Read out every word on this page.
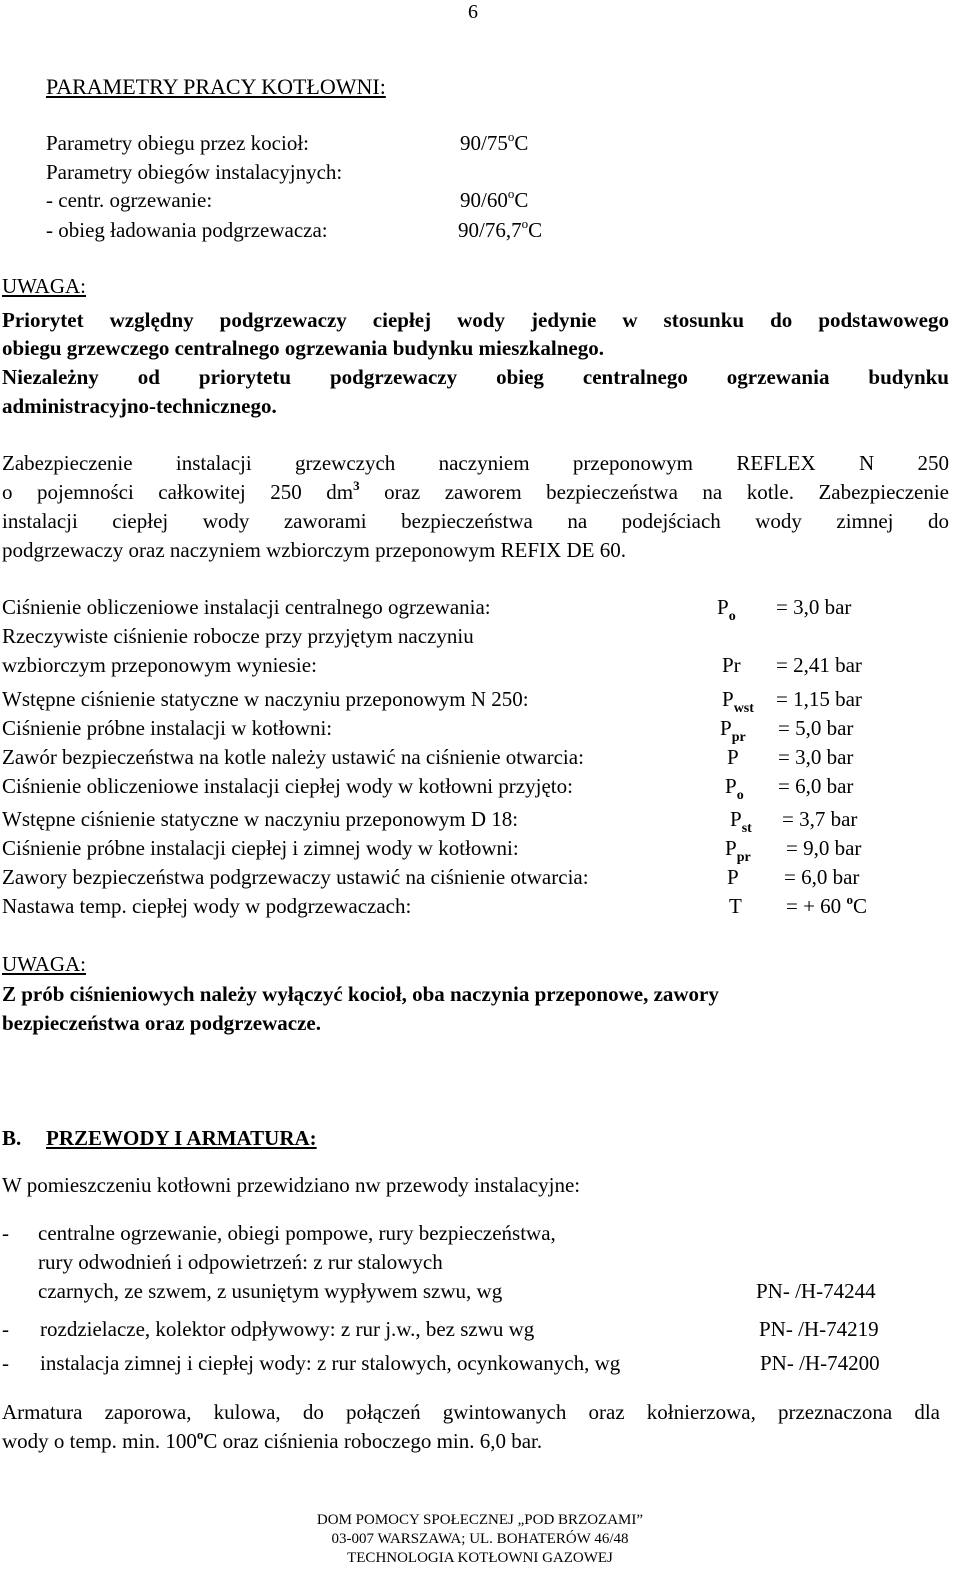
6
PARAMETRY PRACY KOTŁOWNI:
Parametry obiegu przez kocioł:	90/75$^o$C
Parametry obiegów instalacyjnych:
- centr. ogrzewanie:	90/60$^o$C
- obieg ładowania podgrzewacza:	90/76,7$^o$C
UWAGA:
Priorytet względny podgrzewaczy ciepłej wody jedynie w stosunku do podstawowego
obiegu grzewczego centralnego ogrzewania budynku mieszkalnego.
Niezależny od priorytetu podgrzewaczy obieg centralnego ogrzewania budynku
administracyjno-technicznego.
Zabezpieczenie instalacji grzewczych naczyniem przeponowym REFLEX N 250
o pojemności całkowitej 250 $dm^3$ oraz zaworem bezpieczeństwa na kotle. Zabezpieczenie
instalacji ciepłej wody zaworami bezpieczeństwa na podejściach wody zimnej do
podgrzewaczy oraz naczyniem wzbiorczym przeponowym REFIX DE 60.
Ciśnienie obliczeniowe instalacji centralnego ogrzewania:	$P_o = 3,0$ bar
Rzeczywiste ciśnienie robocze przy przyjętym naczyniu
wzbiorczym przeponowym wyniesie:	Pr = 2,41 bar
Wstępne ciśnienie statyczne w naczyniu przeponowym N 250:	$P_{wst} = 1,15$ bar
Ciśnienie próbne instalacji w kotłowni:	$P_{pr} = 5,0$ bar
Zawór bezpieczeństwa na kotle należy ustawić na ciśnienie otwarcia:	P = 3,0 bar
Ciśnienie obliczeniowe instalacji ciepłej wody w kotłowni przyjęto:	$P_o = 6,0$ bar
Wstępne ciśnienie statyczne w naczyniu przeponowym D 18:	$P_{st} = 3,7$ bar
Ciśnienie próbne instalacji ciepłej i zimnej wody w kotłowni:	$P_{pr} = 9,0$ bar
Zawory bezpieczeństwa podgrzewaczy ustawić na ciśnienie otwarcia:	P = 6,0 bar
Nastawa temp. ciepłej wody w podgrzewaczach:	T = + 60 $^o$C
UWAGA:
Z prób ciśnieniowych należy wyłączyć kocioł, oba naczynia przeponowe, zawory
bezpieczeństwa oraz podgrzewacze.
B. PRZEWODY I ARMATURA:
W pomieszczeniu kotłowni przewidziano nw przewody instalacyjne:
- centralne ogrzewanie, obiegi pompowe, rury bezpieczeństwa,
rury odwodnień i odpowietrzeń: z rur stalowych
czarnych, ze szwem, z usuniętym wypływem szwu, wg	PN- /H-74244
- rozdzielacze, kolektor odpływowy: z rur j.w., bez szwu wg	PN- /H-74219
- instalacja zimnej i ciepłej wody: z rur stalowych, ocynkowanych, wg	PN- /H-74200
Armatura zaporowa, kulowa, do połączeń gwintowanych oraz kołnierzowa, przeznaczona dla
wody o temp. min. 100$^o$C oraz ciśnienia roboczego min. 6,0 bar.
DOM POMOCY SPOŁECZNEJ „POD BRZOZAMI”
03-007 WARSZAWA; UL. BOHATERÓW 46/48
TECHNOLOGIA KOTŁOWNI GAZOWEJ
